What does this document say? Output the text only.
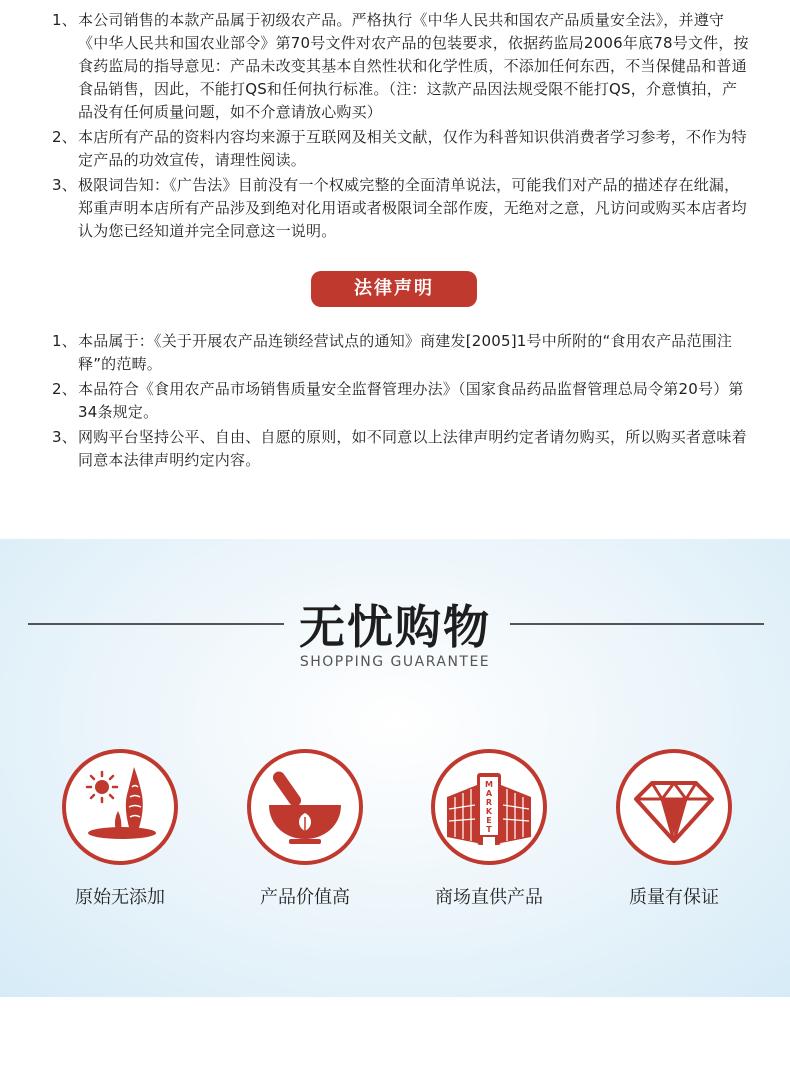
1、 本公司销售的本款产品属于初级农产品。严格执行《中华人民共和国农产品质量安全法》，并遵守《中华人民共和国农业部令》第70号文件对农产品的包装要求，依据药监局2006年底78号文件，按食药监局的指导意见：产品未改变其基本自然性状和化学性质，不添加任何东西，不当保健品和普通食品销售，因此，不能打QS和任何执行标准。（注：这款产品因法规受限不能打QS，介意慎拍，产品没有任何质量问题，如不介意请放心购买）
2、 本店所有产品的资料内容均来源于互联网及相关文献，仅作为科普知识供消费者学习参考，不作为特定产品的功效宣传，请理性阅读。
3、 极限词告知：《广告法》目前没有一个权威完整的全面清单说法，可能我们对产品的描述存在纰漏，郑重声明本店所有产品涉及到绝对化用语或者极限词全部作废，无绝对之意，凡访问或购买本店者均认为您已经知道并完全同意这一说明。
法律声明
1、 本品属于：《关于开展农产品连锁经营试点的通知》商建发[2005]1号中所附的“食用农产品范围注释”的范畴。
2、 本品符合《食用农产品市场销售质量安全监督管理办法》（国家食品药品监督管理总局令第20号）第34条规定。
3、 网购平台坚持公平、自由、自愿的原则，如不同意以上法律声明约定者请勿购买，所以购买者意味着同意本法律声明约定内容。
无忧购物
SHOPPING GUARANTEE
原始无添加	产品价值高
M
A
R
K
E
T
商场直供产品	质量有保证
